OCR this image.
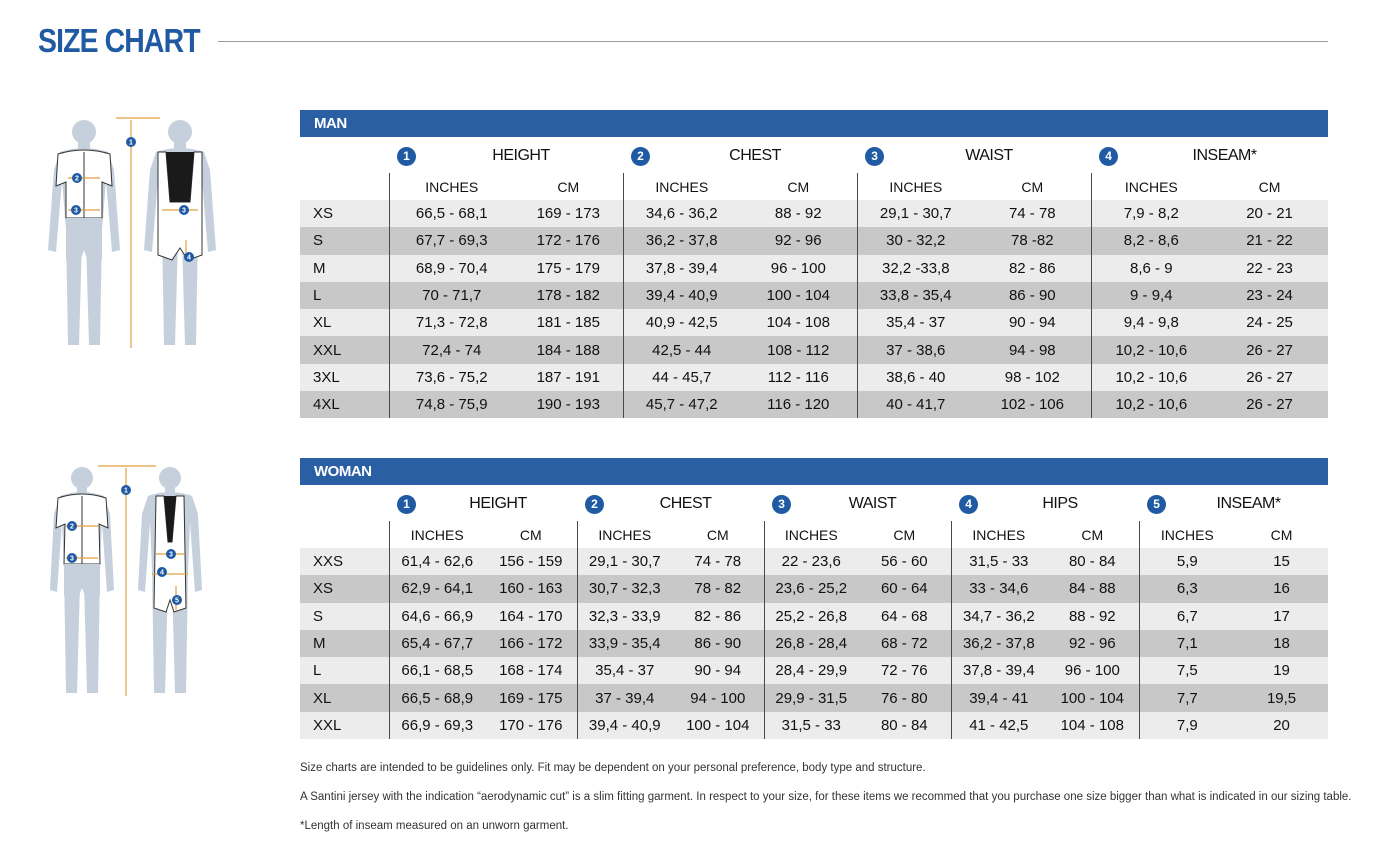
SIZE CHART
1
2
3	3
4
1
2
3
3
4
5
MAN
	1 HEIGHT		2 CHEST		3 WAIST		4 INSEAM*	
	INCHES	CM	INCHES	CM	INCHES	CM	INCHES	CM
XS	66,5 - 68,1	169 - 173	34,6 - 36,2	88 - 92	29,1 - 30,7	74 - 78	7,9 - 8,2	20 - 21
S	67,7 - 69,3	172 - 176	36,2 - 37,8	92 - 96	30 - 32,2	78 -82	8,2 - 8,6	21 - 22
M	68,9 - 70,4	175 - 179	37,8 - 39,4	96 - 100	32,2 -33,8	82 - 86	8,6 - 9	22 - 23
L	70 - 71,7	178 - 182	39,4 - 40,9	100 - 104	33,8 - 35,4	86 - 90	9 - 9,4	23 - 24
XL	71,3 - 72,8	181 - 185	40,9 - 42,5	104 - 108	35,4 - 37	90 - 94	9,4 - 9,8	24 - 25
XXL	72,4 - 74	184 - 188	42,5 - 44	108 - 112	37 - 38,6	94 - 98	10,2 - 10,6	26 - 27
3XL	73,6 - 75,2	187 - 191	44 - 45,7	112 - 116	38,6 - 40	98 - 102	10,2 - 10,6	26 - 27
4XL	74,8 - 75,9	190 - 193	45,7 - 47,2	116 - 120	40 - 41,7	102 - 106	10,2 - 10,6	26 - 27
WOMAN
	1 HEIGHT		2 CHEST		3 WAIST		4 HIPS		5 INSEAM*	
	INCHES	CM	INCHES	CM	INCHES	CM	INCHES	CM	INCHES	CM
XXS	61,4 - 62,6	156 - 159	29,1 - 30,7	74 - 78	22 - 23,6	56 - 60	31,5 - 33	80 - 84	5,9	15
XS	62,9 - 64,1	160 - 163	30,7 - 32,3	78 - 82	23,6 - 25,2	60 - 64	33 - 34,6	84 - 88	6,3	16
S	64,6 - 66,9	164 - 170	32,3 - 33,9	82 - 86	25,2 - 26,8	64 - 68	34,7 - 36,2	88 - 92	6,7	17
M	65,4 - 67,7	166 - 172	33,9 - 35,4	86 - 90	26,8 - 28,4	68 - 72	36,2 - 37,8	92 - 96	7,1	18
L	66,1 - 68,5	168 - 174	35,4 - 37	90 - 94	28,4 - 29,9	72 - 76	37,8 - 39,4	96 - 100	7,5	19
XL	66,5 - 68,9	169 - 175	37 - 39,4	94 - 100	29,9 - 31,5	76 - 80	39,4 - 41	100 - 104	7,7	19,5
XXL	66,9 - 69,3	170 - 176	39,4 - 40,9	100 - 104	31,5 - 33	80 - 84	41 - 42,5	104 - 108	7,9	20
Size charts are intended to be guidelines only. Fit may be dependent on your personal preference, body type and structure.
A Santini jersey with the indication “aerodynamic cut” is a slim fitting garment. In respect to your size, for these items we recommed that you purchase one size bigger than what is indicated in our sizing table.
*Length of inseam measured on an unworn garment.
